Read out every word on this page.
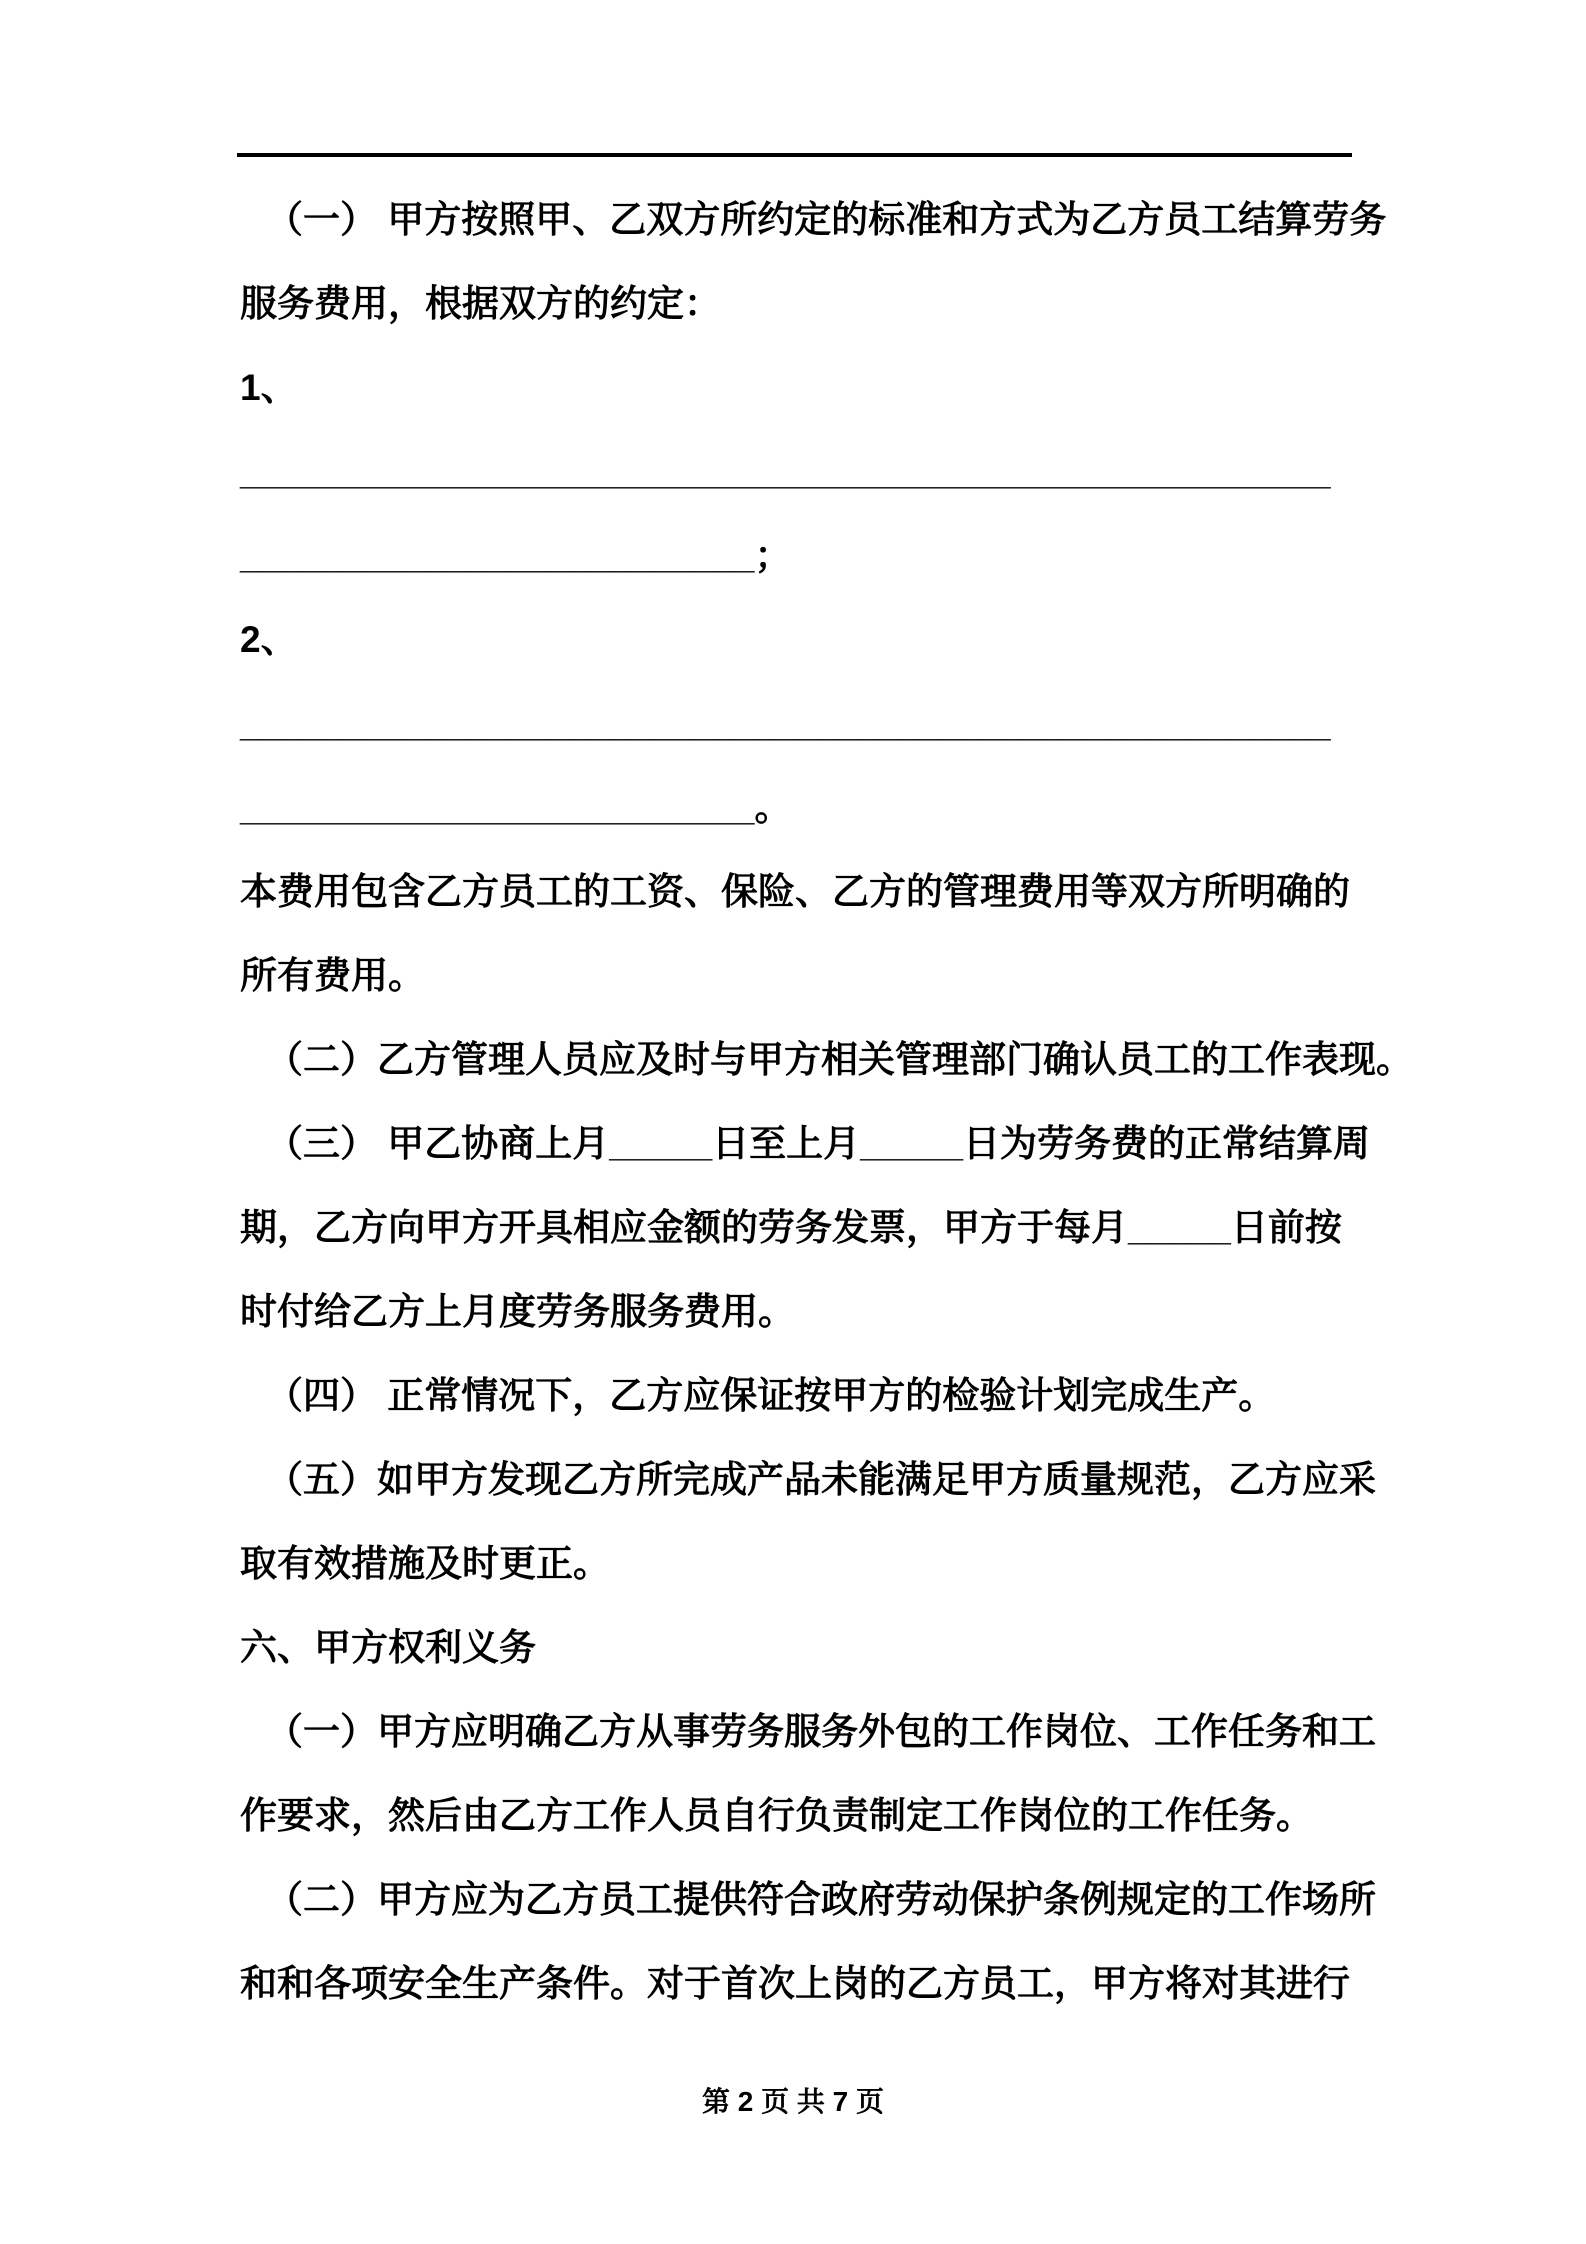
（一） 甲方按照甲、乙双方所约定的标准和方式为乙方员工结算劳务
服务费用，根据双方的约定：
1、
_____________________________________________________
_________________________；
2、
_____________________________________________________
_________________________。
本费用包含乙方员工的工资、保险、乙方的管理费用等双方所明确的
所有费用。
（二）乙方管理人员应及时与甲方相关管理部门确认员工的工作表现。
（三） 甲乙协商上月_____日至上月_____日为劳务费的正常结算周
期，乙方向甲方开具相应金额的劳务发票，甲方于每月_____日前按
时付给乙方上月度劳务服务费用。
（四） 正常情况下，乙方应保证按甲方的检验计划完成生产。
（五）如甲方发现乙方所完成产品未能满足甲方质量规范，乙方应采
取有效措施及时更正。
六、甲方权利义务
（一）甲方应明确乙方从事劳务服务外包的工作岗位、工作任务和工
作要求，然后由乙方工作人员自行负责制定工作岗位的工作任务。
（二）甲方应为乙方员工提供符合政府劳动保护条例规定的工作场所
和和各项安全生产条件。对于首次上岗的乙方员工，甲方将对其进行
第 2 页 共 7 页
